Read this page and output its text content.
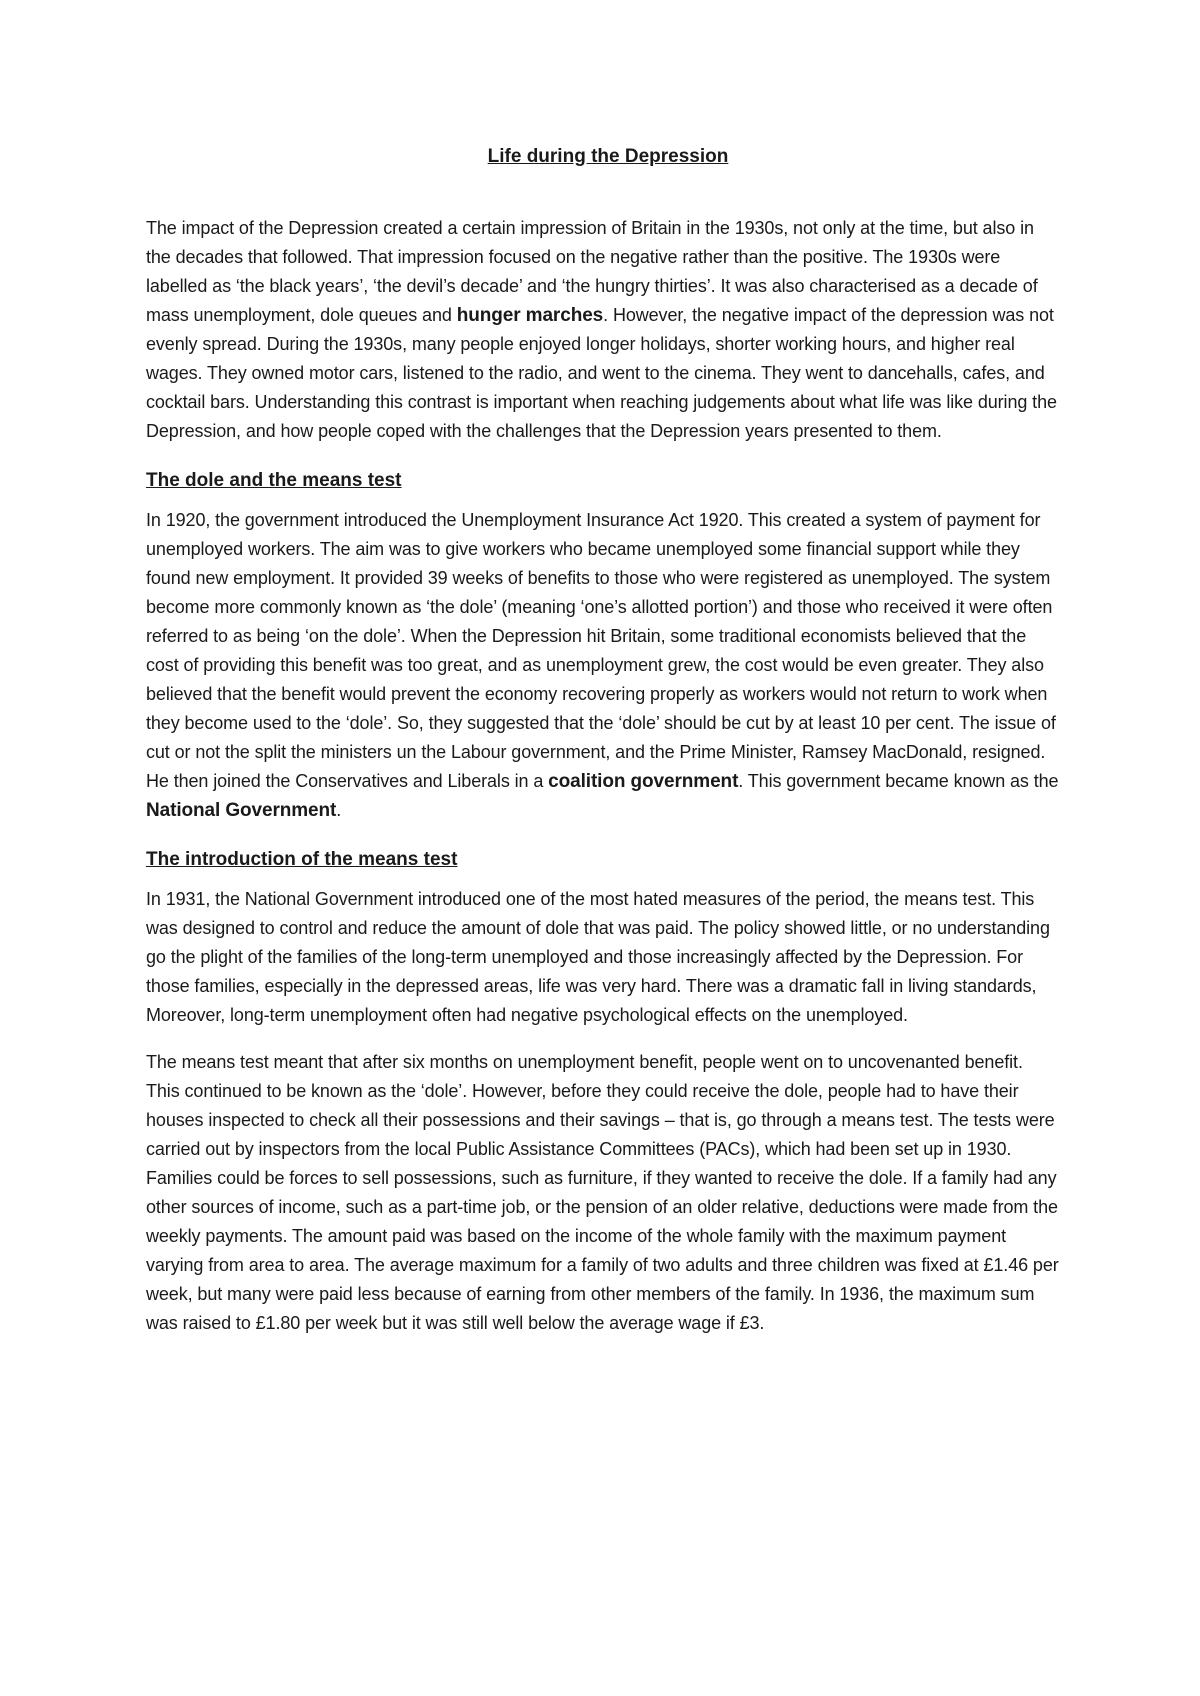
Life during the Depression

The impact of the Depression created a certain impression of Britain in the 1930s, not only at the time, but also in the decades that followed. That impression focused on the negative rather than the positive. The 1930s were labelled as ‘the black years’, ‘the devil’s decade’ and ‘the hungry thirties’. It was also characterised as a decade of mass unemployment, dole queues and hunger marches. However, the negative impact of the depression was not evenly spread. During the 1930s, many people enjoyed longer holidays, shorter working hours, and higher real wages. They owned motor cars, listened to the radio, and went to the cinema. They went to dancehalls, cafes, and cocktail bars. Understanding this contrast is important when reaching judgements about what life was like during the Depression, and how people coped with the challenges that the Depression years presented to them.

The dole and the means test

In 1920, the government introduced the Unemployment Insurance Act 1920. This created a system of payment for unemployed workers. The aim was to give workers who became unemployed some financial support while they found new employment. It provided 39 weeks of benefits to those who were registered as unemployed. The system become more commonly known as ‘the dole’ (meaning ‘one’s allotted portion’) and those who received it were often referred to as being ‘on the dole’. When the Depression hit Britain, some traditional economists believed that the cost of providing this benefit was too great, and as unemployment grew, the cost would be even greater. They also believed that the benefit would prevent the economy recovering properly as workers would not return to work when they become used to the ‘dole’. So, they suggested that the ‘dole’ should be cut by at least 10 per cent. The issue of cut or not the split the ministers un the Labour government, and the Prime Minister, Ramsey MacDonald, resigned. He then joined the Conservatives and Liberals in a coalition government. This government became known as the National Government.

The introduction of the means test

In 1931, the National Government introduced one of the most hated measures of the period, the means test. This was designed to control and reduce the amount of dole that was paid. The policy showed little, or no understanding go the plight of the families of the long-term unemployed and those increasingly affected by the Depression. For those families, especially in the depressed areas, life was very hard. There was a dramatic fall in living standards, Moreover, long-term unemployment often had negative psychological effects on the unemployed.

The means test meant that after six months on unemployment benefit, people went on to uncovenanted benefit. This continued to be known as the ‘dole’. However, before they could receive the dole, people had to have their houses inspected to check all their possessions and their savings – that is, go through a means test. The tests were carried out by inspectors from the local Public Assistance Committees (PACs), which had been set up in 1930. Families could be forces to sell possessions, such as furniture, if they wanted to receive the dole. If a family had any other sources of income, such as a part-time job, or the pension of an older relative, deductions were made from the weekly payments. The amount paid was based on the income of the whole family with the maximum payment varying from area to area. The average maximum for a family of two adults and three children was fixed at £1.46 per week, but many were paid less because of earning from other members of the family. In 1936, the maximum sum was raised to £1.80 per week but it was still well below the average wage if £3.
